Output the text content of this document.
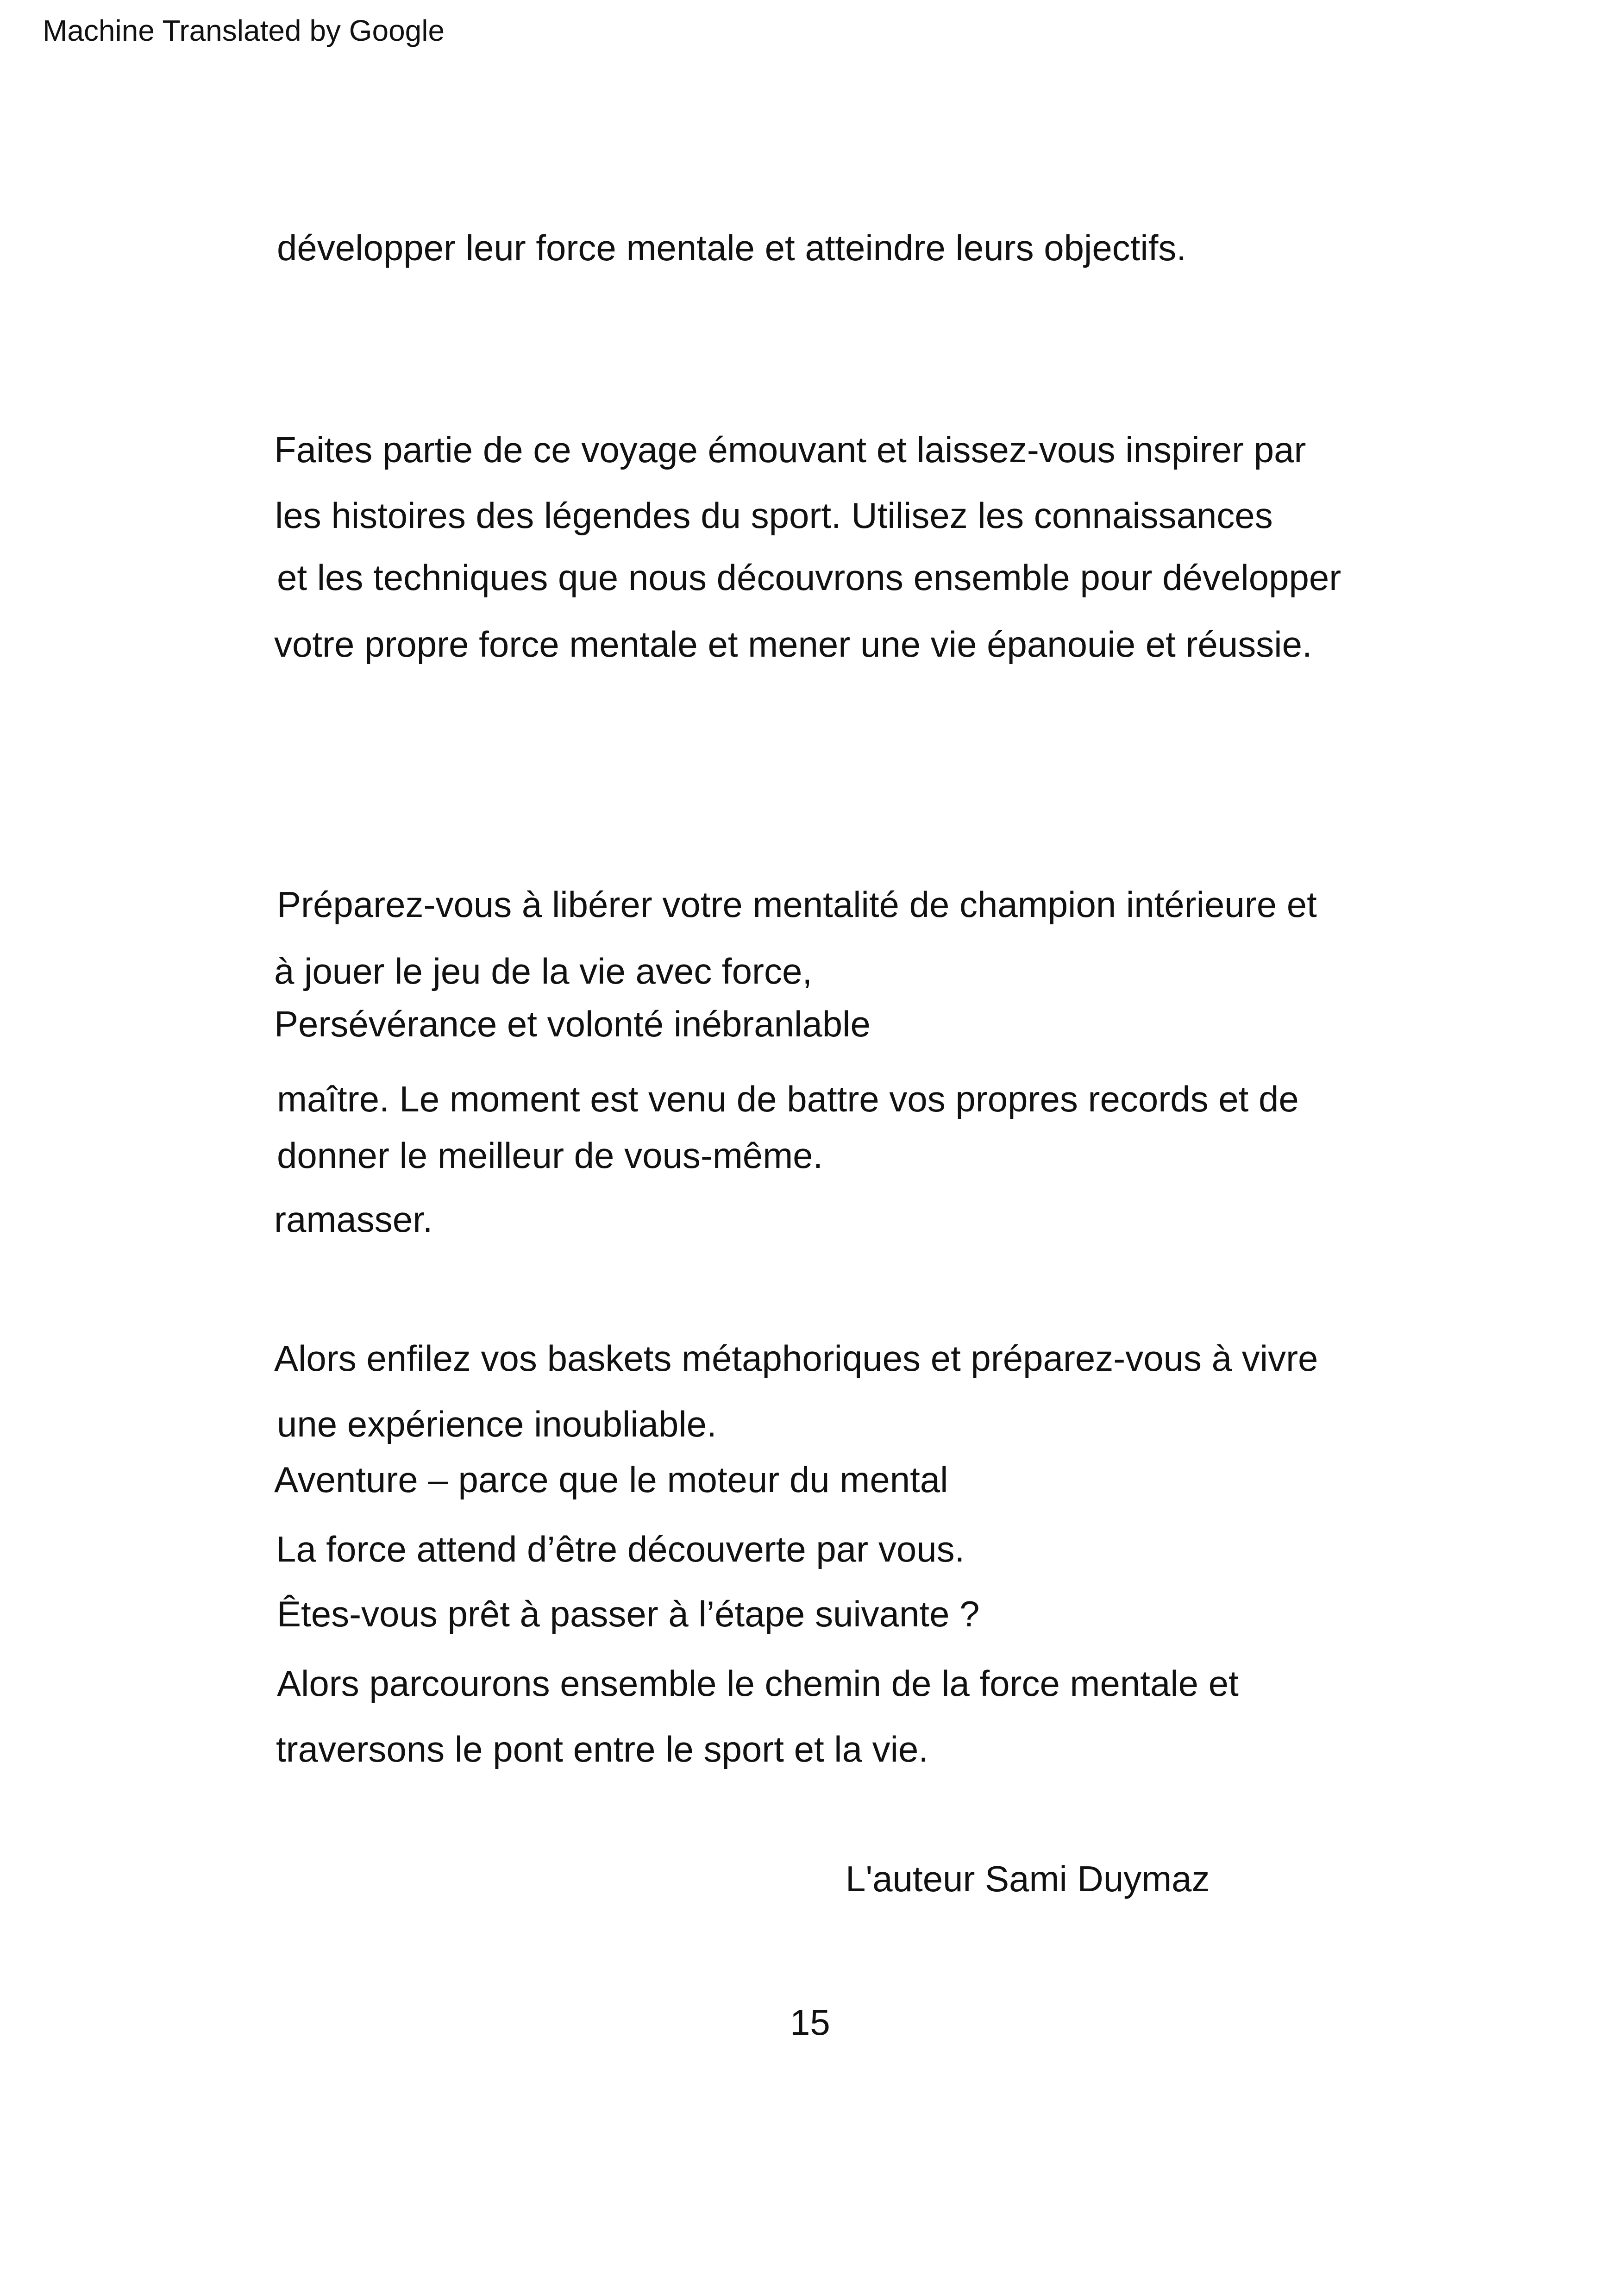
Machine Translated by Google
développer leur force mentale et atteindre leurs objectifs.
Faites partie de ce voyage émouvant et laissez-vous inspirer par
les histoires des légendes du sport. Utilisez les connaissances
et les techniques que nous découvrons ensemble pour développer
votre propre force mentale et mener une vie épanouie et réussie.
Préparez-vous à libérer votre mentalité de champion intérieure et
à jouer le jeu de la vie avec force,
Persévérance et volonté inébranlable
maître. Le moment est venu de battre vos propres records et de
donner le meilleur de vous-même.
ramasser.
Alors enfilez vos baskets métaphoriques et préparez-vous à vivre
une expérience inoubliable.
Aventure – parce que le moteur du mental
La force attend d’être découverte par vous.
Êtes-vous prêt à passer à l’étape suivante ?
Alors parcourons ensemble le chemin de la force mentale et
traversons le pont entre le sport et la vie.
L'auteur Sami Duymaz
15
